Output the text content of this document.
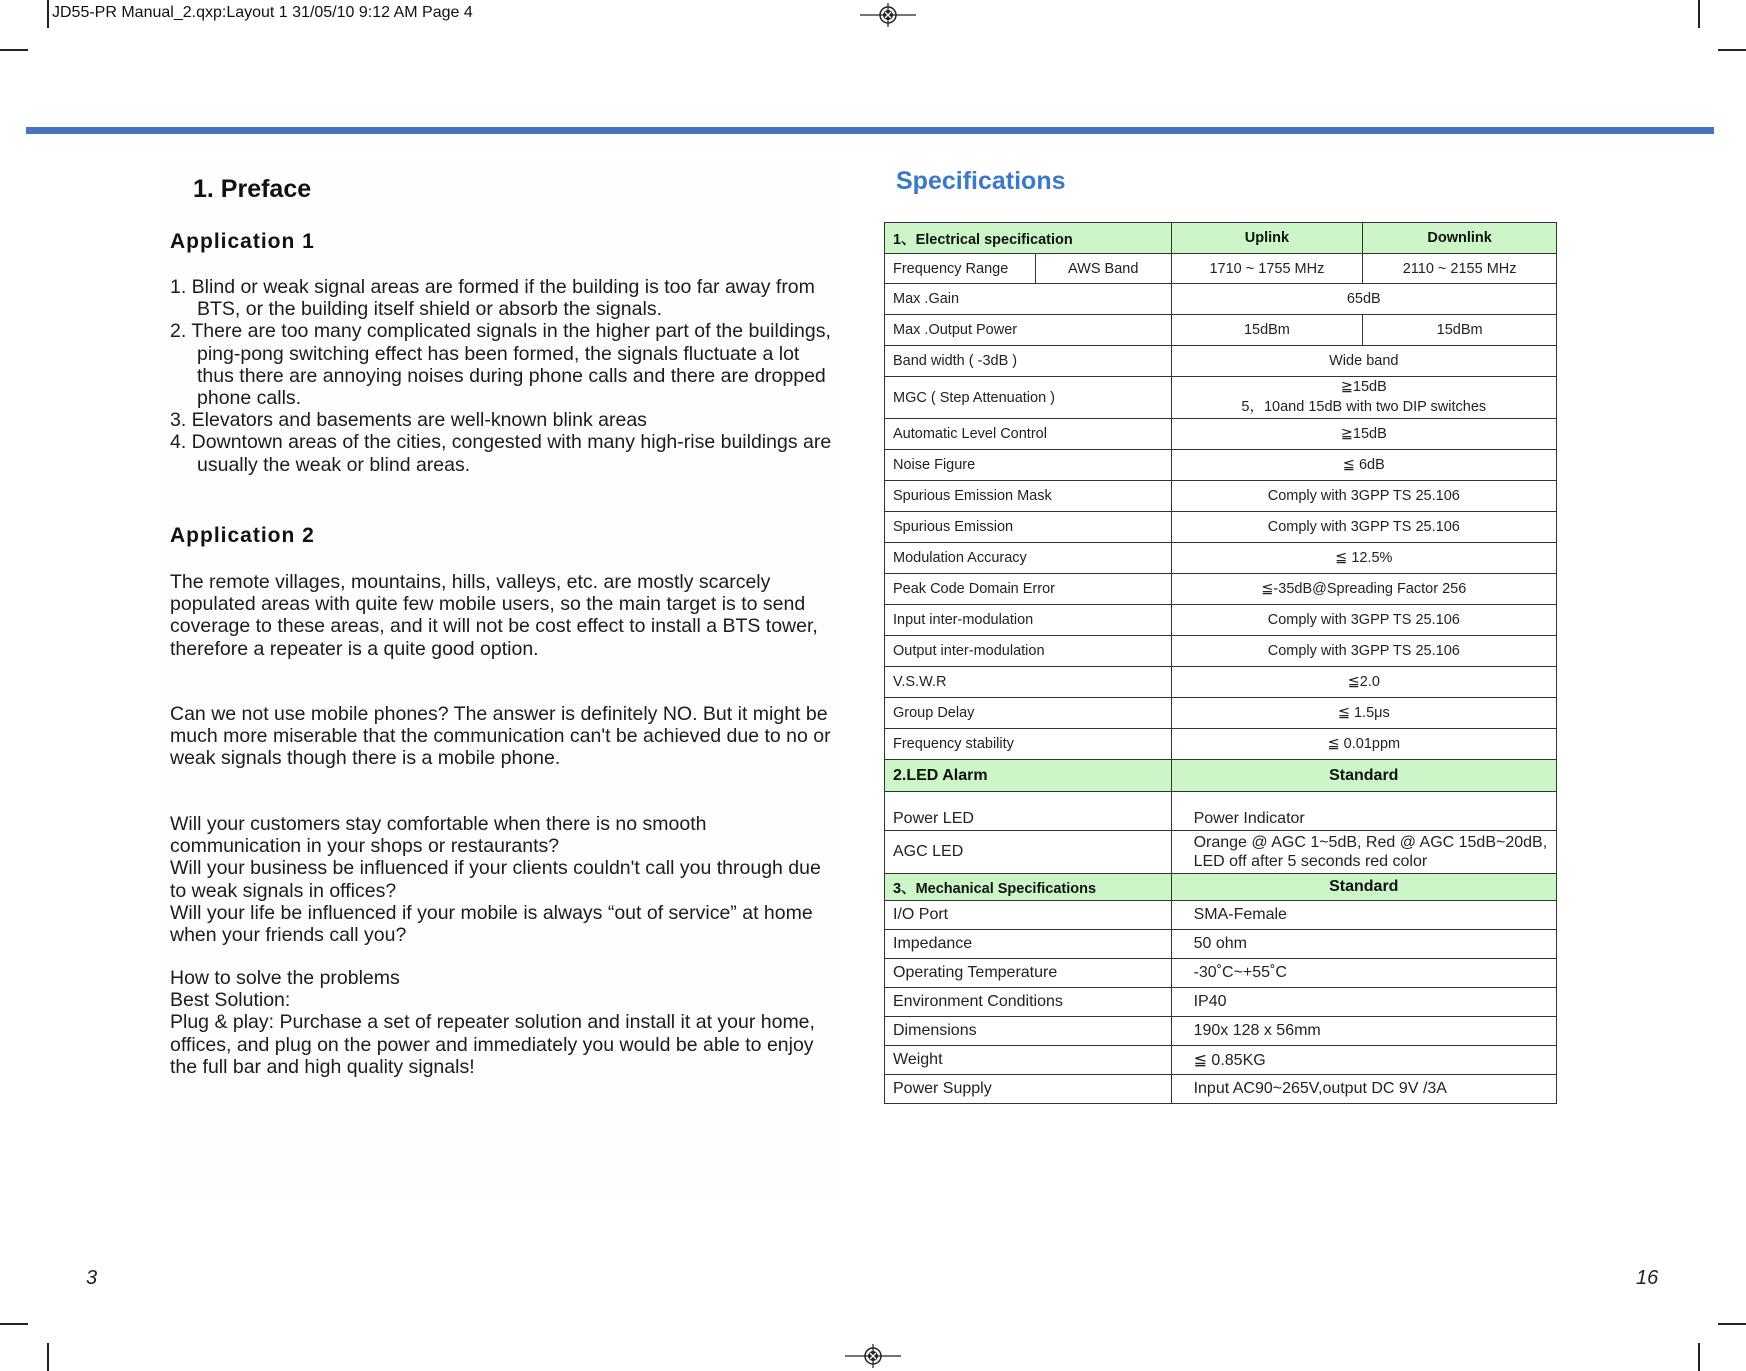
JD55-PR Manual_2.qxp:Layout 1 31/05/10 9:12 AM Page 4
1. Preface
Application 1

1. Blind or weak signal areas are formed if the building is too far away from BTS, or the building itself shield or absorb the signals.

2. There are too many complicated signals in the higher part of the buildings, ping-pong switching effect has been formed, the signals fluctuate a lot thus there are annoying noises during phone calls and there are dropped phone calls.

3. Elevators and basements are well-known blink areas

4. Downtown areas of the cities, congested with many high-rise buildings are usually the weak or blind areas.

Application 2
The remote villages, mountains, hills, valleys, etc. are mostly scarcely populated areas with quite few mobile users, so the main target is to send coverage to these areas, and it will not be cost effect to install a BTS tower, therefore a repeater is a quite good option.
Can we not use mobile phones? The answer is definitely NO. But it might be much more miserable that the communication can't be achieved due to no or weak signals though there is a mobile phone.

Will your customers stay comfortable when there is no smooth communication in your shops or restaurants?

Will your business be influenced if your clients couldn't call you through due to weak signals in offices?

Will your life be influenced if your mobile is always “out of service” at home when your friends call you?

How to solve the problems

Best Solution:

Plug & play: Purchase a set of repeater solution and install it at your home, offices, and plug on the power and immediately you would be able to enjoy the full bar and high quality signals!

3
Specifications
1、Electrical specification		Uplink	Downlink
Frequency Range	AWS Band	1710 ~ 1755 MHz	2110 ~ 2155 MHz
Max .Gain		65dB	
Max .Output Power		15dBm	15dBm
Band width ( -3dB )		Wide band	
MGC ( Step Attenuation )		≧15dB
5，10and 15dB with two DIP switches	

Automatic Level Control		≧15dB	
Noise Figure		≦ 6dB	
Spurious Emission Mask		Comply with 3GPP TS 25.106	
Spurious Emission		Comply with 3GPP TS 25.106	
Modulation Accuracy		≦ 12.5%	
Peak Code Domain Error		≦-35dB@Spreading Factor 256	
Input inter-modulation		Comply with 3GPP TS 25.106	
Output inter-modulation		Comply with 3GPP TS 25.106	
V.S.W.R		≦2.0	
Group Delay		≦ 1.5μs	
Frequency stability		≦ 0.01ppm	
2.LED Alarm		Standard	
Power LED		Power Indicator	
AGC LED		Orange @ AGC 1~5dB, Red @ AGC 15dB~20dB,
LED off after 5 seconds red color	

3、Mechanical Specifications		Standard	
I/O Port		SMA-Female	
Impedance		50 ohm	
Operating Temperature		-30˚C~+55˚C	
Environment Conditions		IP40	
Dimensions		190x 128 x 56mm	
Weight		≦ 0.85KG	
Power Supply		Input AC90~265V,output DC 9V /3A	
16
